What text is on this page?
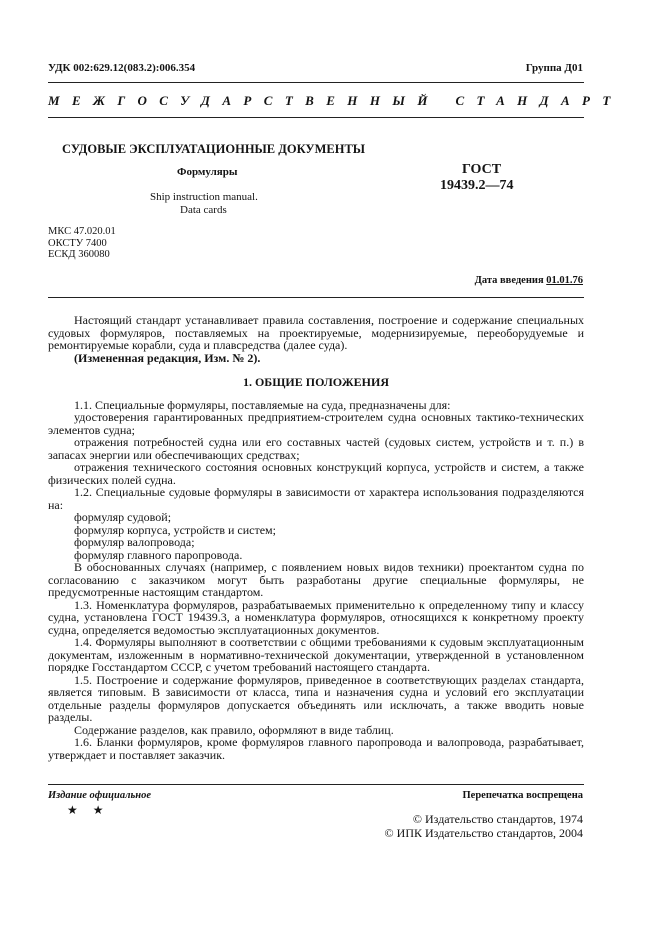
УДК 002:629.12(083.2):006.354	Группа Д01
МЕЖГОСУДАРСТВЕННЫЙ СТАНДАРТ
СУДОВЫЕ ЭКСПЛУАТАЦИОННЫЕ ДОКУМЕНТЫ
Формуляры
Ship instruction manual.
Data cards
ГОСТ
19439.2—74
МКС 47.020.01
ОКСТУ 7400
ЕСКД 360080
Дата введения 01.01.76

Настоящий стандарт устанавливает правила составления, построение и содержание специальных судовых формуляров, поставляемых на проектируемые, модернизируемые, переоборудуемые и ремонтируемые корабли, суда и плавсредства (далее суда).

(Измененная редакция, Изм. № 2).

1. ОБЩИЕ ПОЛОЖЕНИЯ

1.1. Специальные формуляры, поставляемые на суда, предназначены для:

удостоверения гарантированных предприятием-строителем судна основных тактико-технических элементов судна;

отражения потребностей судна или его составных частей (судовых систем, устройств и т. п.) в запасах энергии или обеспечивающих средствах;

отражения технического состояния основных конструкций корпуса, устройств и систем, а также физических полей судна.

1.2. Специальные судовые формуляры в зависимости от характера использования подразделяются на:

формуляр судовой;

формуляр корпуса, устройств и систем;

формуляр валопровода;

формуляр главного паропровода.

В обоснованных случаях (например, с появлением новых видов техники) проектантом судна по согласованию с заказчиком могут быть разработаны другие специальные формуляры, не предусмотренные настоящим стандартом.

1.3. Номенклатура формуляров, разрабатываемых применительно к определенному типу и классу судна, установлена ГОСТ 19439.3, а номенклатура формуляров, относящихся к конкретному проекту судна, определяется ведомостью эксплуатационных документов.

1.4. Формуляры выполняют в соответствии с общими требованиями к судовым эксплуатационным документам, изложенным в нормативно-технической документации, утвержденной в установленном порядке Госстандартом СССР, с учетом требований настоящего стандарта.

1.5. Построение и содержание формуляров, приведенное в соответствующих разделах стандарта, является типовым. В зависимости от класса, типа и назначения судна и условий его эксплуатации отдельные разделы формуляров допускается объединять или исключать, а также вводить новые разделы.

Содержание разделов, как правило, оформляют в виде таблиц.

1.6. Бланки формуляров, кроме формуляров главного паропровода и валопровода, разрабатывает, утверждает и поставляет заказчик.

Издание официальное	Перепечатка воспрещена
★ ★
© Издательство стандартов, 1974
© ИПК Издательство стандартов, 2004
